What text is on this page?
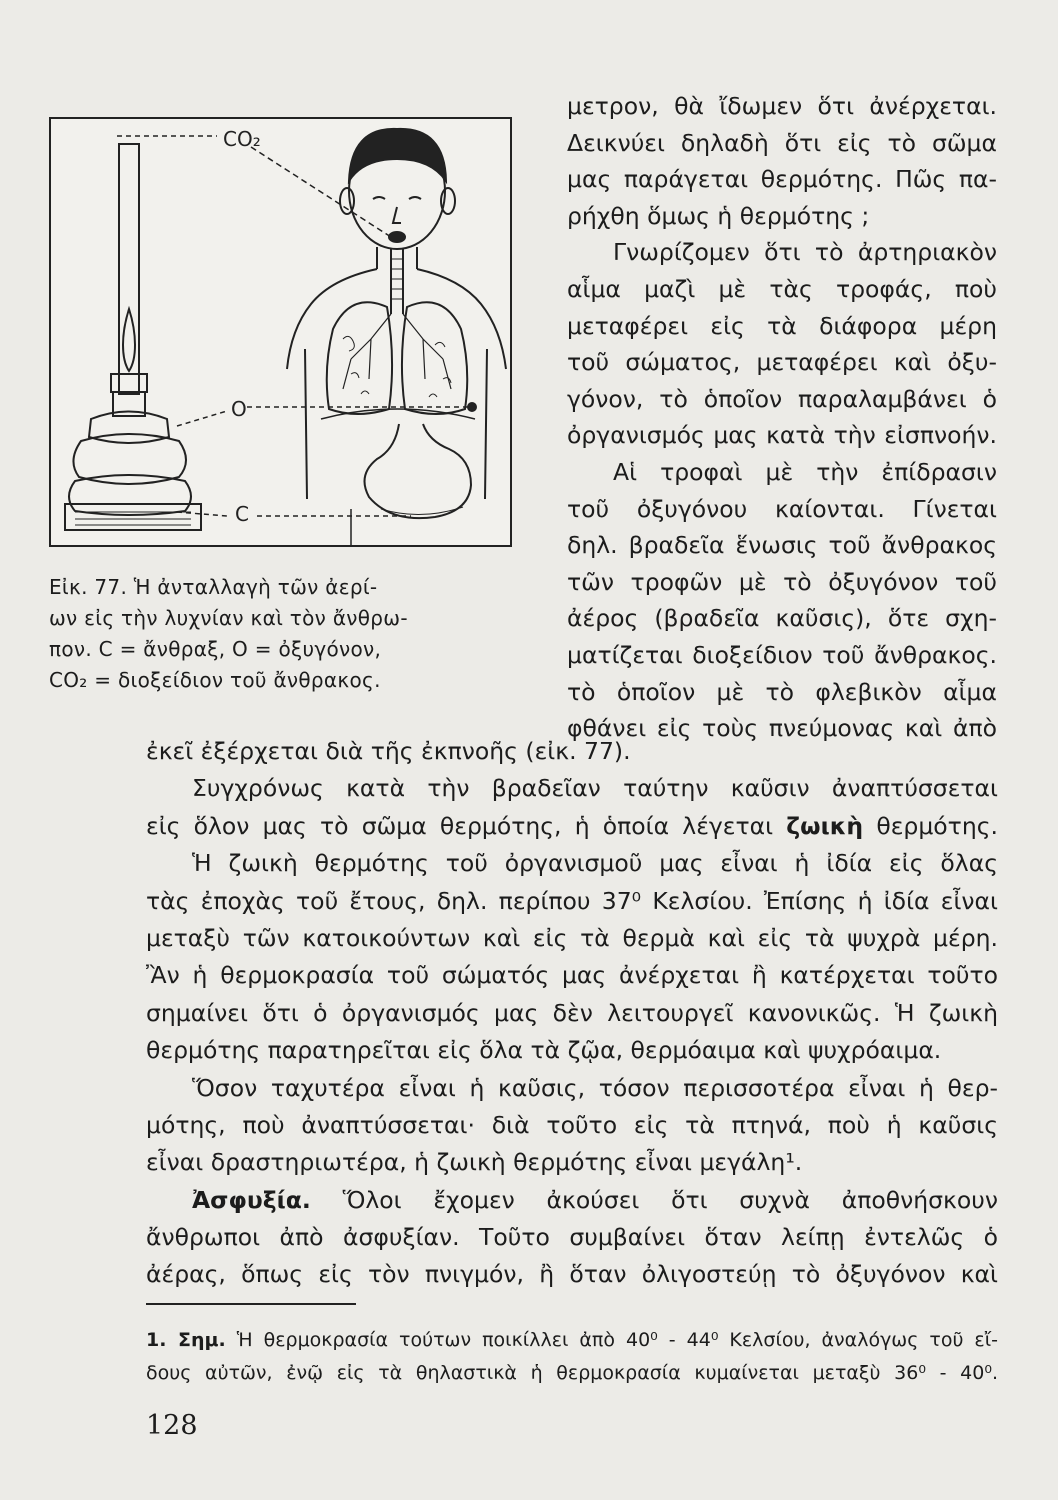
CO₂
O
C
Εἰκ. 77. Ἡ ἀνταλλαγὴ τῶν ἀερί-
ων εἰς τὴν λυχνίαν καὶ τὸν ἄνθρω-
πον. C = ἄνθραξ, O = ὀξυγόνον,
CO₂ = διοξείδιον τοῦ ἄνθρακος.
μετρον, θὰ ἴδωμεν ὅτι ἀνέρχεται.
Δεικνύει δηλαδὴ ὅτι εἰς τὸ σῶμα
μας παράγεται θερμότης. Πῶς πα-
ρήχθη ὅμως ἡ θερμότης ;
Γνωρίζομεν ὅτι τὸ ἀρτηριακὸν
αἷμα μαζὶ μὲ τὰς τροφάς, ποὺ
μεταφέρει εἰς τὰ διάφορα μέρη
τοῦ σώματος, μεταφέρει καὶ ὀξυ-
γόνον, τὸ ὁποῖον παραλαμβάνει ὁ
ὀργανισμός μας κατὰ τὴν εἰσπνοήν.
Αἱ τροφαὶ μὲ τὴν ἐπίδρασιν
τοῦ ὀξυγόνου καίονται. Γίνεται
δηλ. βραδεῖα ἕνωσις τοῦ ἄνθρακος
τῶν τροφῶν μὲ τὸ ὀξυγόνον τοῦ
ἀέρος (βραδεῖα καῦσις), ὅτε σχη-
ματίζεται διοξείδιον τοῦ ἄνθρακος.
τὸ ὁποῖον μὲ τὸ φλεβικὸν αἷμα
φθάνει εἰς τοὺς πνεύμονας καὶ ἀπὸ
ἐκεῖ ἐξέρχεται διὰ τῆς ἐκπνοῆς (εἰκ. 77).
Συγχρόνως κατὰ τὴν βραδεῖαν ταύτην καῦσιν ἀναπτύσσεται
εἰς ὅλον μας τὸ σῶμα θερμότης, ἡ ὁποία λέγεται ζωικὴ θερμότης.
Ἡ ζωικὴ θερμότης τοῦ ὀργανισμοῦ μας εἶναι ἡ ἰδία εἰς ὅλας
τὰς ἐποχὰς τοῦ ἔτους, δηλ. περίπου 37⁰ Κελσίου. Ἐπίσης ἡ ἰδία εἶναι
μεταξὺ τῶν κατοικούντων καὶ εἰς τὰ θερμὰ καὶ εἰς τὰ ψυχρὰ μέρη.
Ἂν ἡ θερμοκρασία τοῦ σώματός μας ἀνέρχεται ἢ κατέρχεται τοῦτο
σημαίνει ὅτι ὁ ὀργανισμός μας δὲν λειτουργεῖ κανονικῶς. Ἡ ζωικὴ
θερμότης παρατηρεῖται εἰς ὅλα τὰ ζῷα, θερμόαιμα καὶ ψυχρόαιμα.
Ὅσον ταχυτέρα εἶναι ἡ καῦσις, τόσον περισσοτέρα εἶναι ἡ θερ-
μότης, ποὺ ἀναπτύσσεται· διὰ τοῦτο εἰς τὰ πτηνά, ποὺ ἡ καῦσις
εἶναι δραστηριωτέρα, ἡ ζωικὴ θερμότης εἶναι μεγάλη¹.
Ἀσφυξία. Ὅλοι ἔχομεν ἀκούσει ὅτι συχνὰ ἀποθνήσκουν
ἄνθρωποι ἀπὸ ἀσφυξίαν. Τοῦτο συμβαίνει ὅταν λείπῃ ἐντελῶς ὁ
ἀέρας, ὅπως εἰς τὸν πνιγμόν, ἢ ὅταν ὀλιγοστεύῃ τὸ ὀξυγόνον καὶ
1. Σημ. Ἡ θερμοκρασία τούτων ποικίλλει ἀπὸ 40⁰ - 44⁰ Κελσίου, ἀναλόγως τοῦ εἴ-
δους αὐτῶν, ἐνῷ εἰς τὰ θηλαστικὰ ἡ θερμοκρασία κυμαίνεται μεταξὺ 36⁰ - 40⁰.
128
